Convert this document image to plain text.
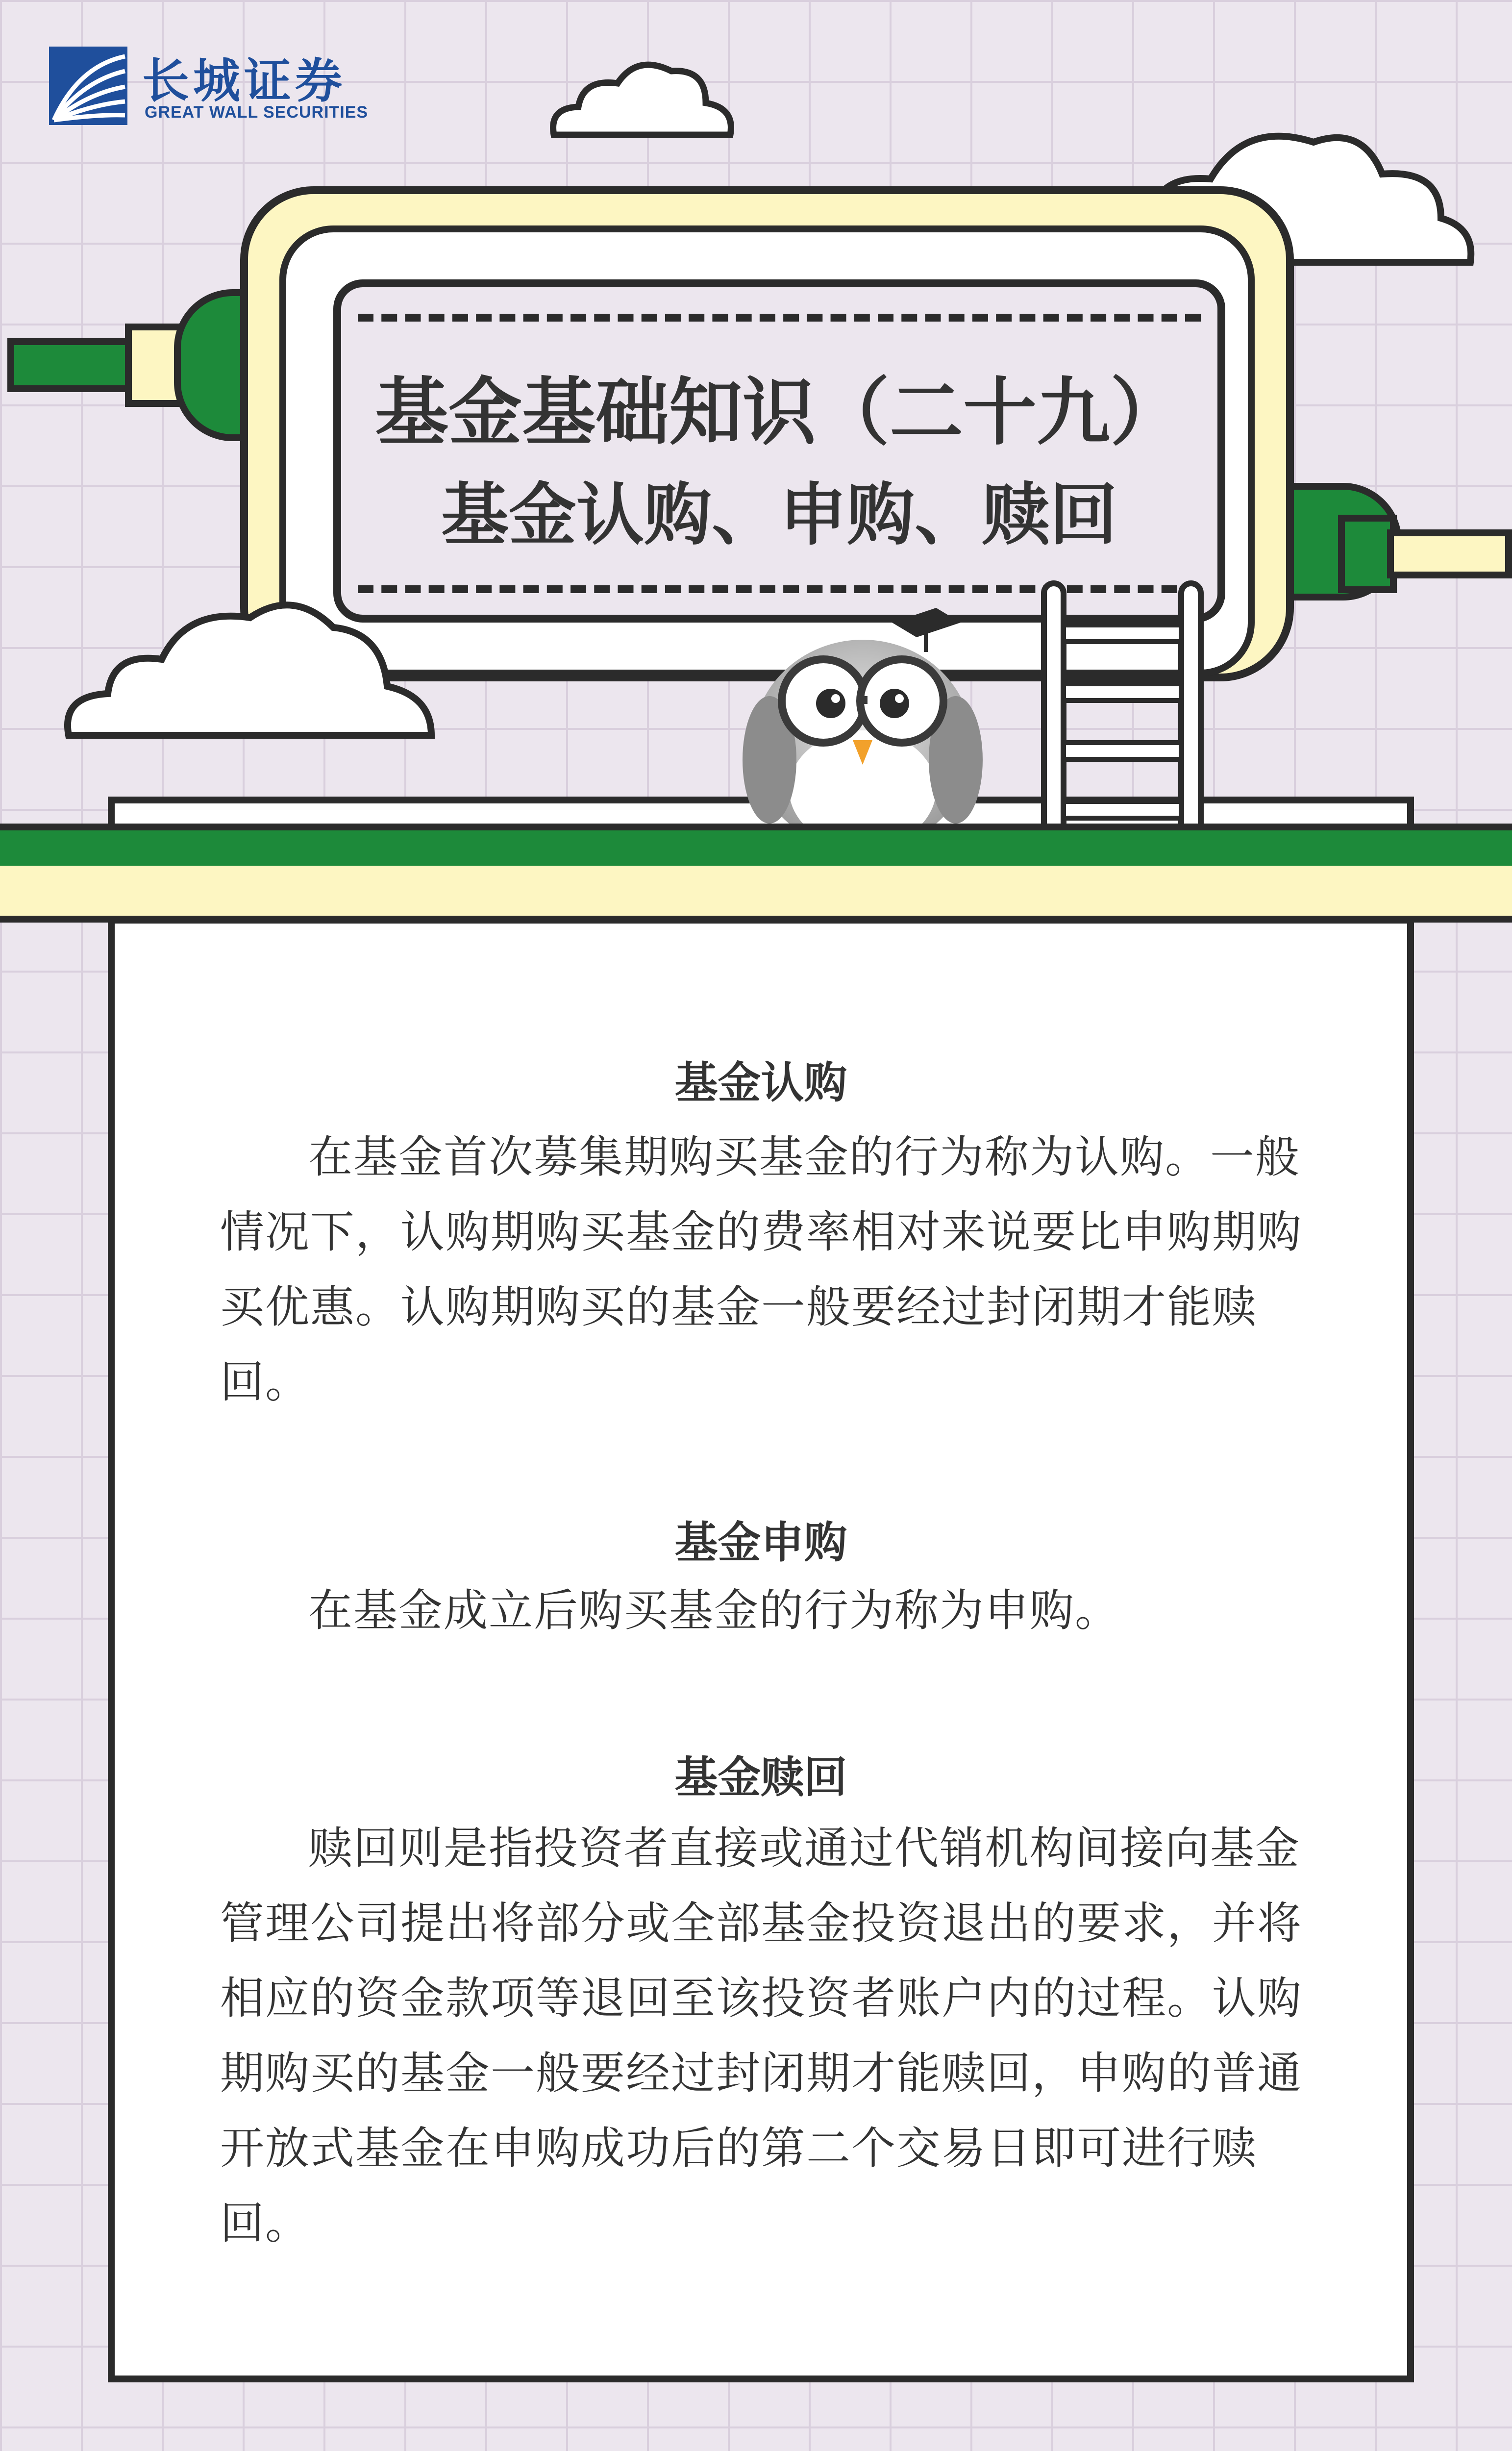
长城证券
GREAT WALL SECURITIES
基金基础知识（二十九）
基金认购、申购、赎回
基金认购
在基金首次募集期购买基金的行为称为认购。一般情况下，认购期购买基金的费率相对来说要比申购期购买优惠。认购期购买的基金一般要经过封闭期才能赎回。
基金申购
在基金成立后购买基金的行为称为申购。
基金赎回
赎回则是指投资者直接或通过代销机构间接向基金管理公司提出将部分或全部基金投资退出的要求，并将相应的资金款项等退回至该投资者账户内的过程。认购期购买的基金一般要经过封闭期才能赎回，申购的普通开放式基金在申购成功后的第二个交易日即可进行赎回。
